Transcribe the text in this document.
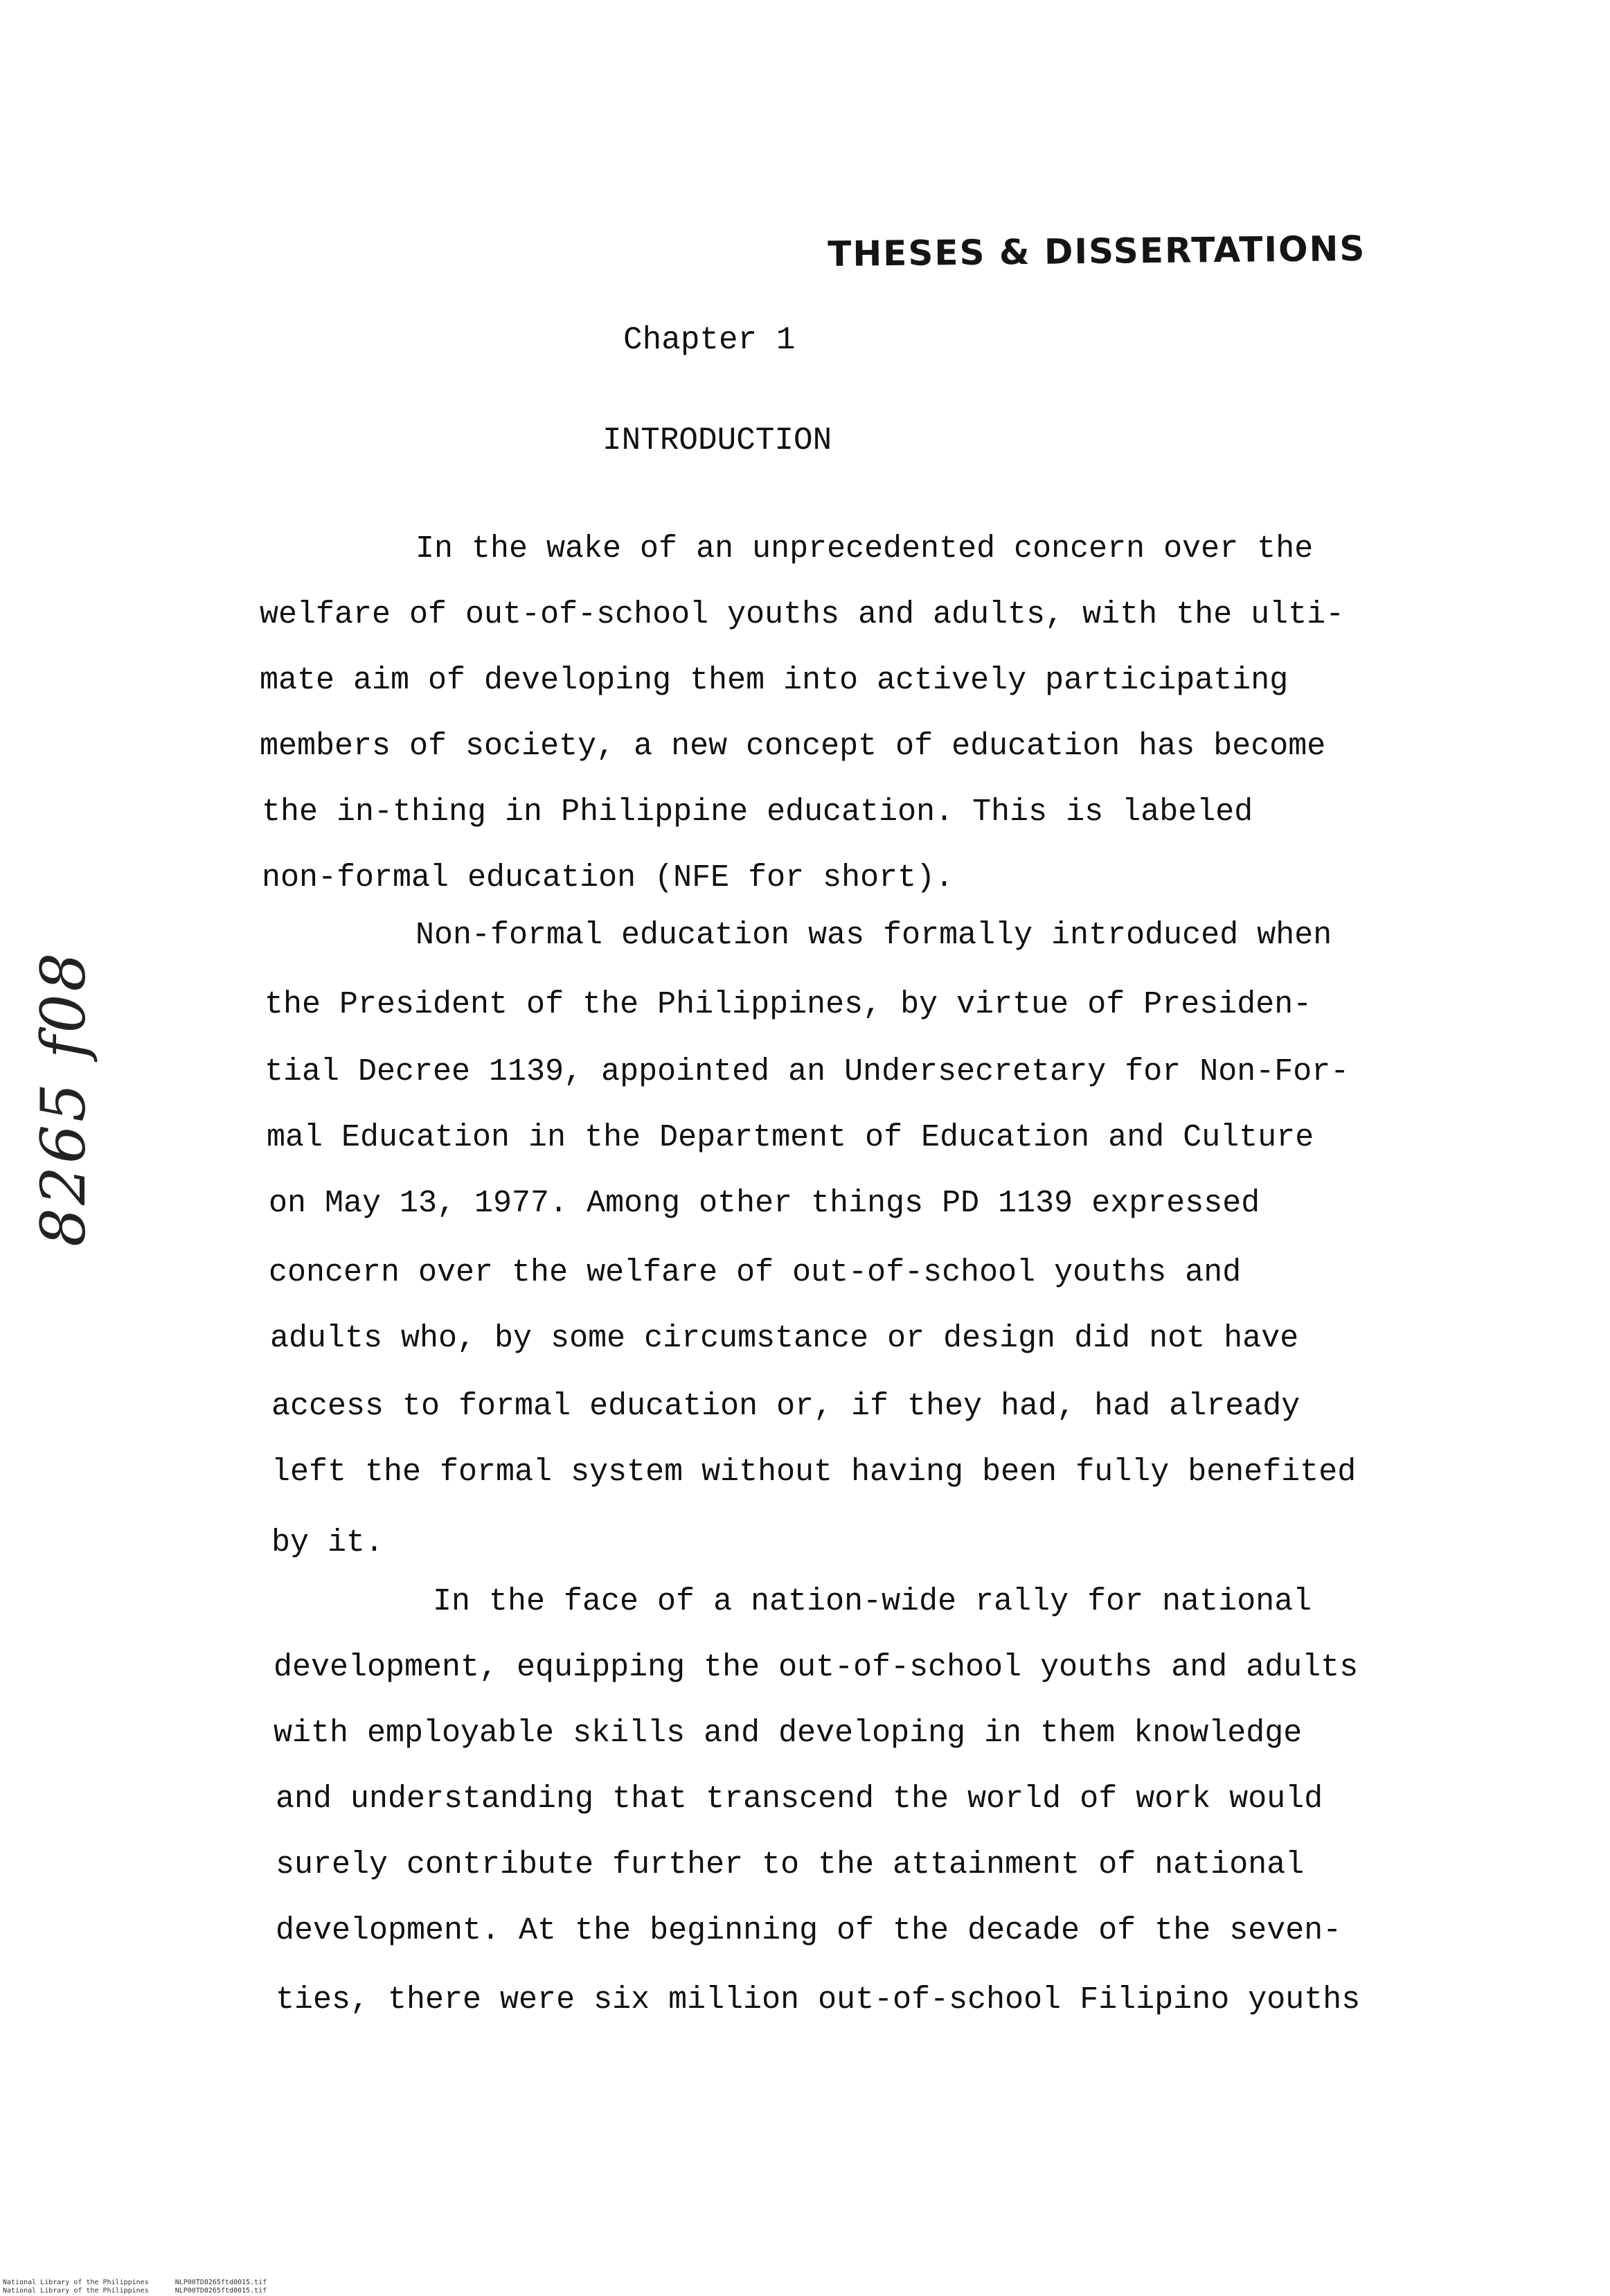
THESES & DISSERTATIONS
8265 f08
Chapter 1
INTRODUCTION
In the wake of an unprecedented concern over the
welfare of out-of-school youths and adults, with the ulti-
mate aim of developing them into actively participating
members of society, a new concept of education has become
the in-thing in Philippine education. This is labeled
non-formal education (NFE for short).
Non-formal education was formally introduced when
the President of the Philippines, by virtue of Presiden-
tial Decree 1139, appointed an Undersecretary for Non-For-
mal Education in the Department of Education and Culture
on May 13, 1977. Among other things PD 1139 expressed
concern over the welfare of out-of-school youths and
adults who, by some circumstance or design did not have
access to formal education or, if they had, had already
left the formal system without having been fully benefited
by it.
In the face of a nation-wide rally for national
development, equipping the out-of-school youths and adults
with employable skills and developing in them knowledge
and understanding that transcend the world of work would
surely contribute further to the attainment of national
development. At the beginning of the decade of the seven-
ties, there were six million out-of-school Filipino youths
National Library of the Philippines	NLP00TD8265ftd0015.tif
National Library of the Philippines	NLP00TD8265ftd0015.tif
